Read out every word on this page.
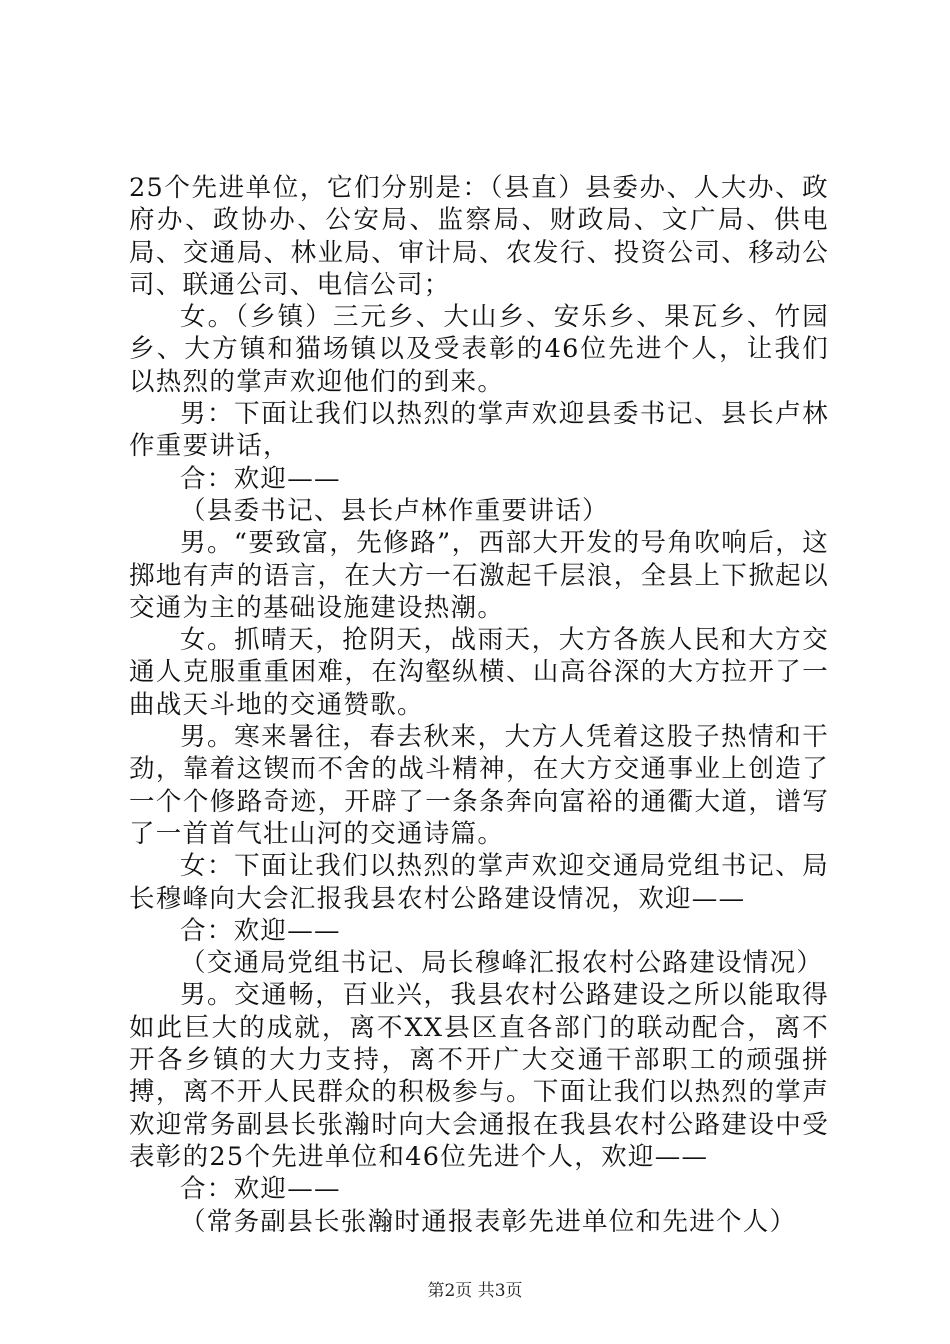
25个先进单位，它们分别是：（县直）县委办、人大办、政府办、政协办、公安局、监察局、财政局、文广局、供电局、交通局、林业局、审计局、农发行、投资公司、移动公司、联通公司、电信公司；

女。（乡镇）三元乡、大山乡、安乐乡、果瓦乡、竹园乡、大方镇和猫场镇以及受表彰的46位先进个人，让我们以热烈的掌声欢迎他们的到来。

男：下面让我们以热烈的掌声欢迎县委书记、县长卢林作重要讲话，

合：欢迎——

（县委书记、县长卢林作重要讲话）

男。“要致富，先修路”，西部大开发的号角吹响后，这掷地有声的语言，在大方一石激起千层浪，全县上下掀起以交通为主的基础设施建设热潮。

女。抓晴天，抢阴天，战雨天，大方各族人民和大方交通人克服重重困难，在沟壑纵横、山高谷深的大方拉开了一曲战天斗地的交通赞歌。

男。寒来暑往，春去秋来，大方人凭着这股子热情和干劲，靠着这锲而不舍的战斗精神，在大方交通事业上创造了一个个修路奇迹，开辟了一条条奔向富裕的通衢大道，谱写了一首首气壮山河的交通诗篇。

女：下面让我们以热烈的掌声欢迎交通局党组书记、局长穆峰向大会汇报我县农村公路建设情况，欢迎——

合：欢迎——

（交通局党组书记、局长穆峰汇报农村公路建设情况）

男。交通畅，百业兴，我县农村公路建设之所以能取得如此巨大的成就，离不XX县区直各部门的联动配合，离不开各乡镇的大力支持，离不开广大交通干部职工的顽强拼搏，离不开人民群众的积极参与。下面让我们以热烈的掌声欢迎常务副县长张瀚时向大会通报在我县农村公路建设中受表彰的25个先进单位和46位先进个人，欢迎——

合：欢迎——

（常务副县长张瀚时通报表彰先进单位和先进个人）

第2页 共3页
